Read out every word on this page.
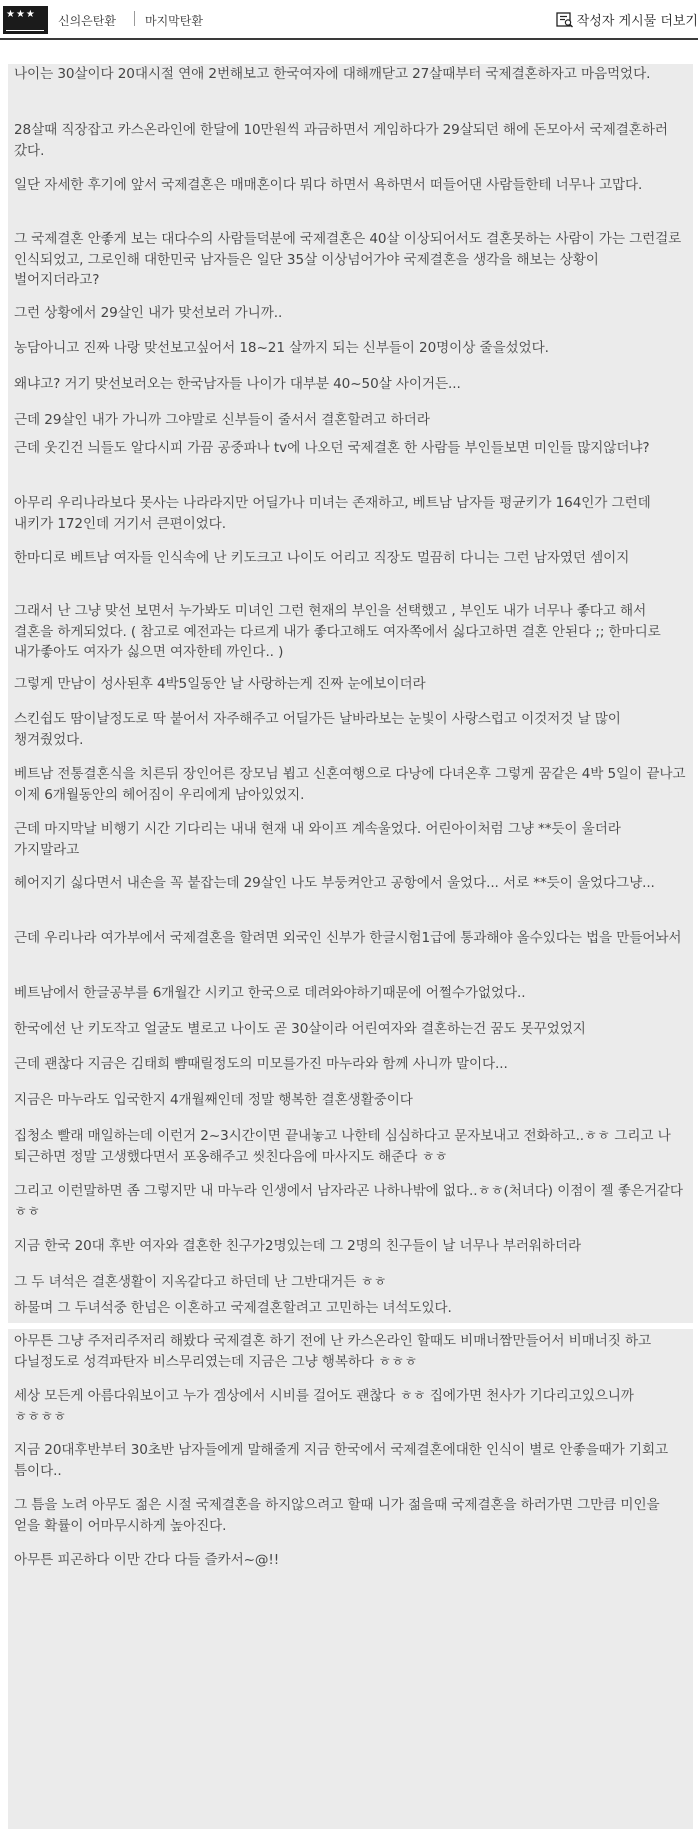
★★★	신의은탄환 마지막탄환	작성자 게시물 더보기

나이는 30살이다 20대시절 연애 2번해보고 한국여자에 대해깨닫고 27살때부터 국제결혼하자고 마음먹었다.

28살때 직장잡고 카스온라인에 한달에 10만원씩 과금하면서 게임하다가 29살되던 해에 돈모아서 국제결혼하러 갔다.

일단 자세한 후기에 앞서 국제결혼은 매매혼이다 뭐다 하면서 욕하면서 떠들어댄 사람들한테 너무나 고맙다.

그 국제결혼 안좋게 보는 대다수의 사람들덕분에 국제결혼은 40살 이상되어서도 결혼못하는 사람이 가는 그런걸로 인식되었고, 그로인해 대한민국 남자들은 일단 35살 이상넘어가야 국제결혼을 생각을 해보는 상황이 벌어지더라고?

그런 상황에서 29살인 내가 맞선보러 가니까..

농담아니고 진짜 나랑 맞선보고싶어서 18~21 살까지 되는 신부들이 20명이상 줄을섰었다.

왜냐고? 거기 맞선보러오는 한국남자들 나이가 대부분 40~50살 사이거든...

근데 29살인 내가 가니까 그야말로 신부들이 줄서서 결혼할려고 하더라

근데 웃긴건 늬들도 알다시피 가끔 공중파나 tv에 나오던 국제결혼 한 사람들 부인들보면 미인들 많지않더냐?

아무리 우리나라보다 못사는 나라라지만 어딜가나 미녀는 존재하고, 베트남 남자들 평균키가 164인가 그런데 내키가 172인데 거기서 큰편이었다.

한마디로 베트남 여자들 인식속에 난 키도크고 나이도 어리고 직장도 멀끔히 다니는 그런 남자였던 셈이지

그래서 난 그냥 맞선 보면서 누가봐도 미녀인 그런 현재의 부인을 선택했고 , 부인도 내가 너무나 좋다고 해서 결혼을 하게되었다. ( 참고로 예전과는 다르게 내가 좋다고해도 여자쪽에서 싫다고하면 결혼 안된다 ;; 한마디로 내가좋아도 여자가 싫으면 여자한테 까인다.. )

그렇게 만남이 성사된후 4박5일동안 날 사랑하는게 진짜 눈에보이더라

스킨쉽도 땀이날정도로 딱 붙어서 자주해주고 어딜가든 날바라보는 눈빛이 사랑스럽고 이것저것 날 많이 챙겨줬었다.

베트남 전통결혼식을 치른뒤 장인어른 장모님 뵙고 신혼여행으로 다낭에 다녀온후 그렇게 꿈같은 4박 5일이 끝나고 이제 6개월동안의 헤어짐이 우리에게 남아있었지.

근데 마지막날 비행기 시간 기다리는 내내 현재 내 와이프 계속울었다. 어린아이처럼 그냥 **듯이 울더라 가지말라고

헤어지기 싫다면서 내손을 꼭 붙잡는데 29살인 나도 부둥켜안고 공항에서 울었다... 서로 **듯이 울었다그냥...

근데 우리나라 여가부에서 국제결혼을 할려면 외국인 신부가 한글시험1급에 통과해야 올수있다는 법을 만들어놔서

베트남에서 한글공부를 6개월간 시키고 한국으로 데려와야하기때문에 어쩔수가없었다..

한국에선 난 키도작고 얼굴도 별로고 나이도 곧 30살이라 어린여자와 결혼하는건 꿈도 못꾸었었지

근데 괜찮다 지금은 김태희 뺨때릴정도의 미모를가진 마누라와 함께 사니까 말이다...

지금은 마누라도 입국한지 4개월째인데 정말 행복한 결혼생활중이다

집청소 빨래 매일하는데 이런거 2~3시간이면 끝내놓고 나한테 심심하다고 문자보내고 전화하고..ㅎㅎ 그리고 나 퇴근하면 정말 고생했다면서 포옹해주고 씻친다음에 마사지도 해준다 ㅎㅎ

그리고 이런말하면 좀 그렇지만 내 마누라 인생에서 남자라곤 나하나밖에 없다..ㅎㅎ(처녀다) 이점이 젤 좋은거같다 ㅎㅎ

지금 한국 20대 후반 여자와 결혼한 친구가2명있는데 그 2명의 친구들이 날 너무나 부러워하더라

그 두 녀석은 결혼생활이 지옥같다고 하던데 난 그반대거든 ㅎㅎ

하물며 그 두녀석중 한넘은 이혼하고 국제결혼할려고 고민하는 녀석도있다.

아무튼 그냥 주저리주저리 해봤다 국제결혼 하기 전에 난 카스온라인 할때도 비매너짬만들어서 비매너짓 하고 다닐정도로 성격파탄자 비스무리였는데 지금은 그냥 행복하다 ㅎㅎㅎ

세상 모든게 아름다워보이고 누가 겜상에서 시비를 걸어도 괜찮다 ㅎㅎ 집에가면 천사가 기다리고있으니까 ㅎㅎㅎㅎ

지금 20대후반부터 30초반 남자들에게 말해줄게 지금 한국에서 국제결혼에대한 인식이 별로 안좋을때가 기회고 틈이다..

그 틈을 노려 아무도 젊은 시절 국제결혼을 하지않으려고 할때 니가 젊을때 국제결혼을 하러가면 그만큼 미인을 얻을 확률이 어마무시하게 높아진다.

아무튼 피곤하다 이만 간다 다들 즐카서~@!!
